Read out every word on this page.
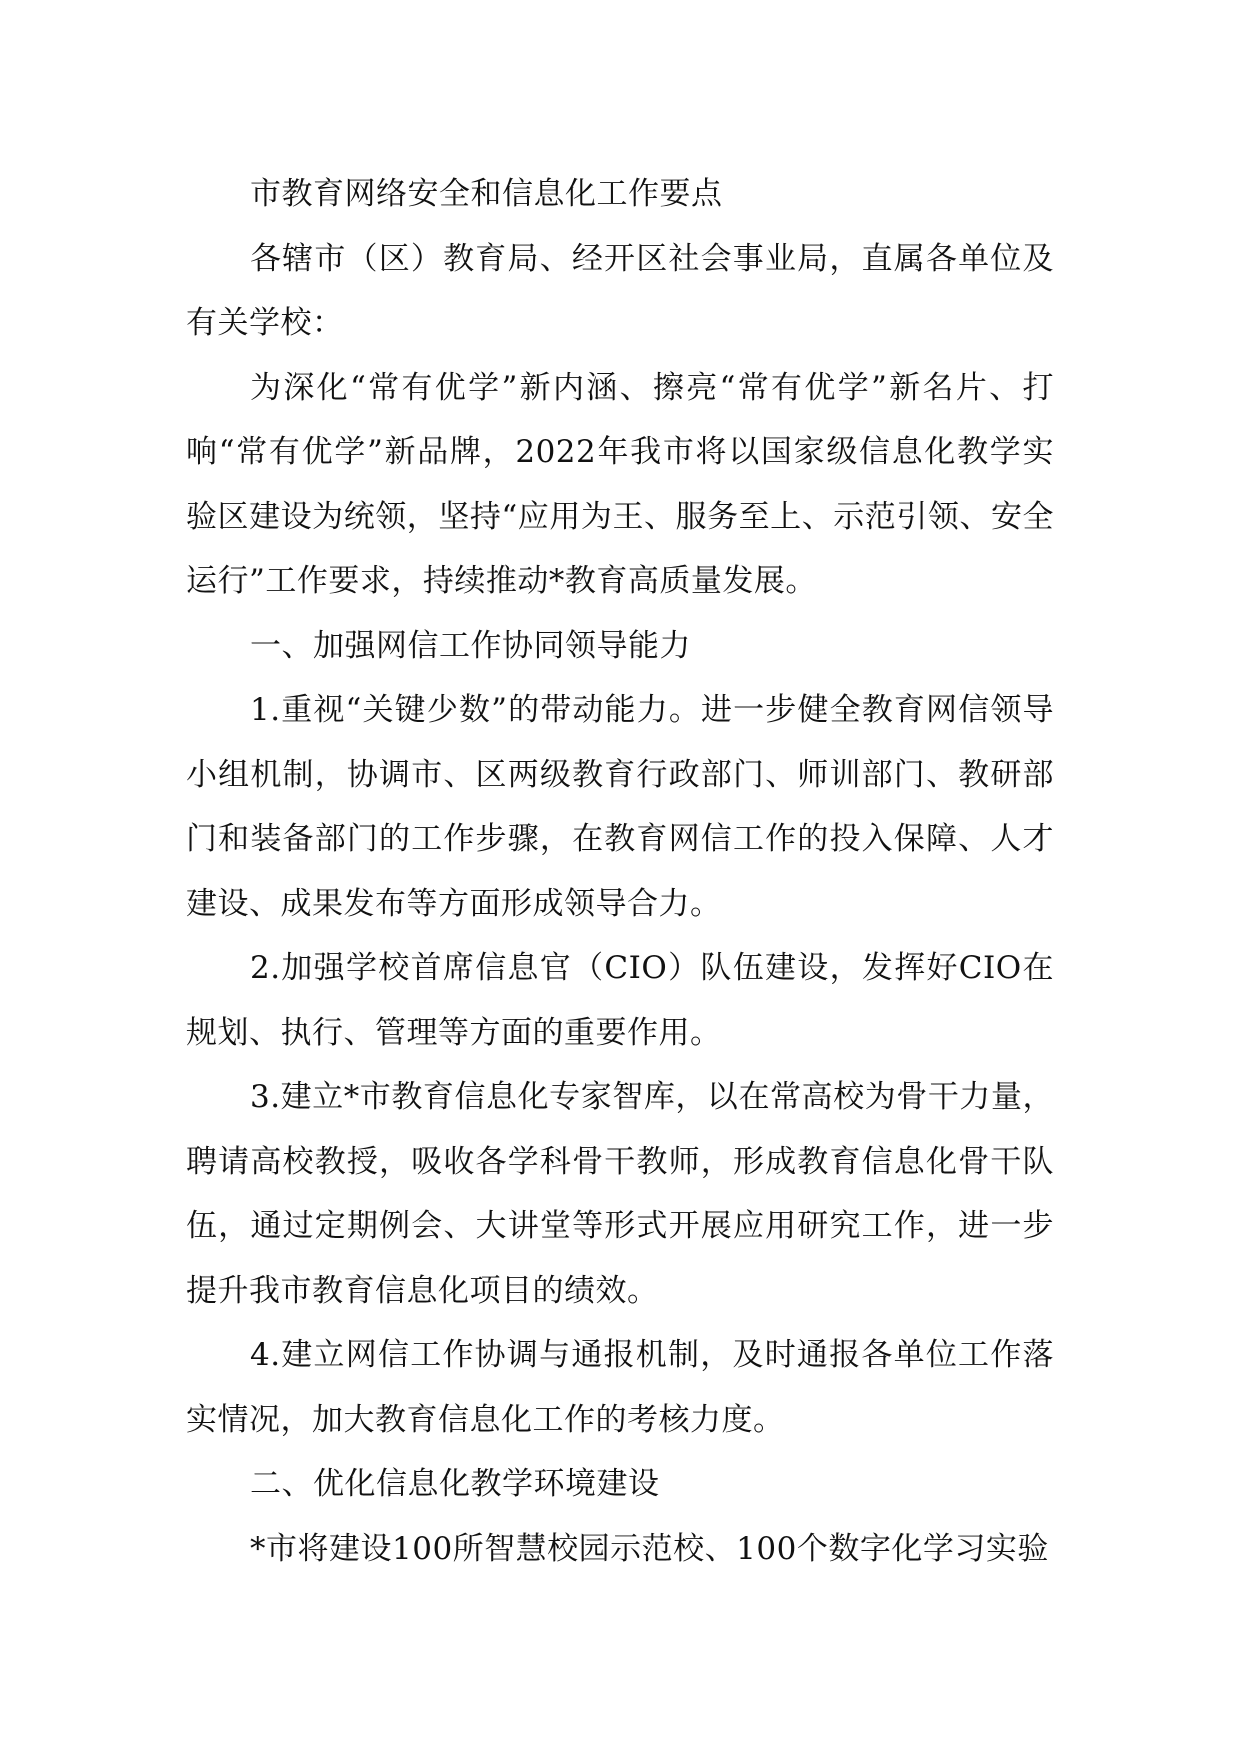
市教育网络安全和信息化工作要点

各辖市（区）教育局、经开区社会事业局，直属各单位及有关学校：

为深化“常有优学”新内涵、擦亮“常有优学”新名片、打响“常有优学”新品牌，2022年我市将以国家级信息化教学实验区建设为统领，坚持“应用为王、服务至上、示范引领、安全运行”工作要求，持续推动*教育高质量发展。

一、加强网信工作协同领导能力

1.重视“关键少数”的带动能力。进一步健全教育网信领导小组机制，协调市、区两级教育行政部门、师训部门、教研部门和装备部门的工作步骤，在教育网信工作的投入保障、人才建设、成果发布等方面形成领导合力。

2.加强学校首席信息官（CIO）队伍建设，发挥好CIO在规划、执行、管理等方面的重要作用。

3.建立*市教育信息化专家智库，以在常高校为骨干力量，聘请高校教授，吸收各学科骨干教师，形成教育信息化骨干队伍，通过定期例会、大讲堂等形式开展应用研究工作，进一步提升我市教育信息化项目的绩效。

4.建立网信工作协调与通报机制，及时通报各单位工作落实情况，加大教育信息化工作的考核力度。

二、优化信息化教学环境建设

*市将建设100所智慧校园示范校、100个数字化学习实验
